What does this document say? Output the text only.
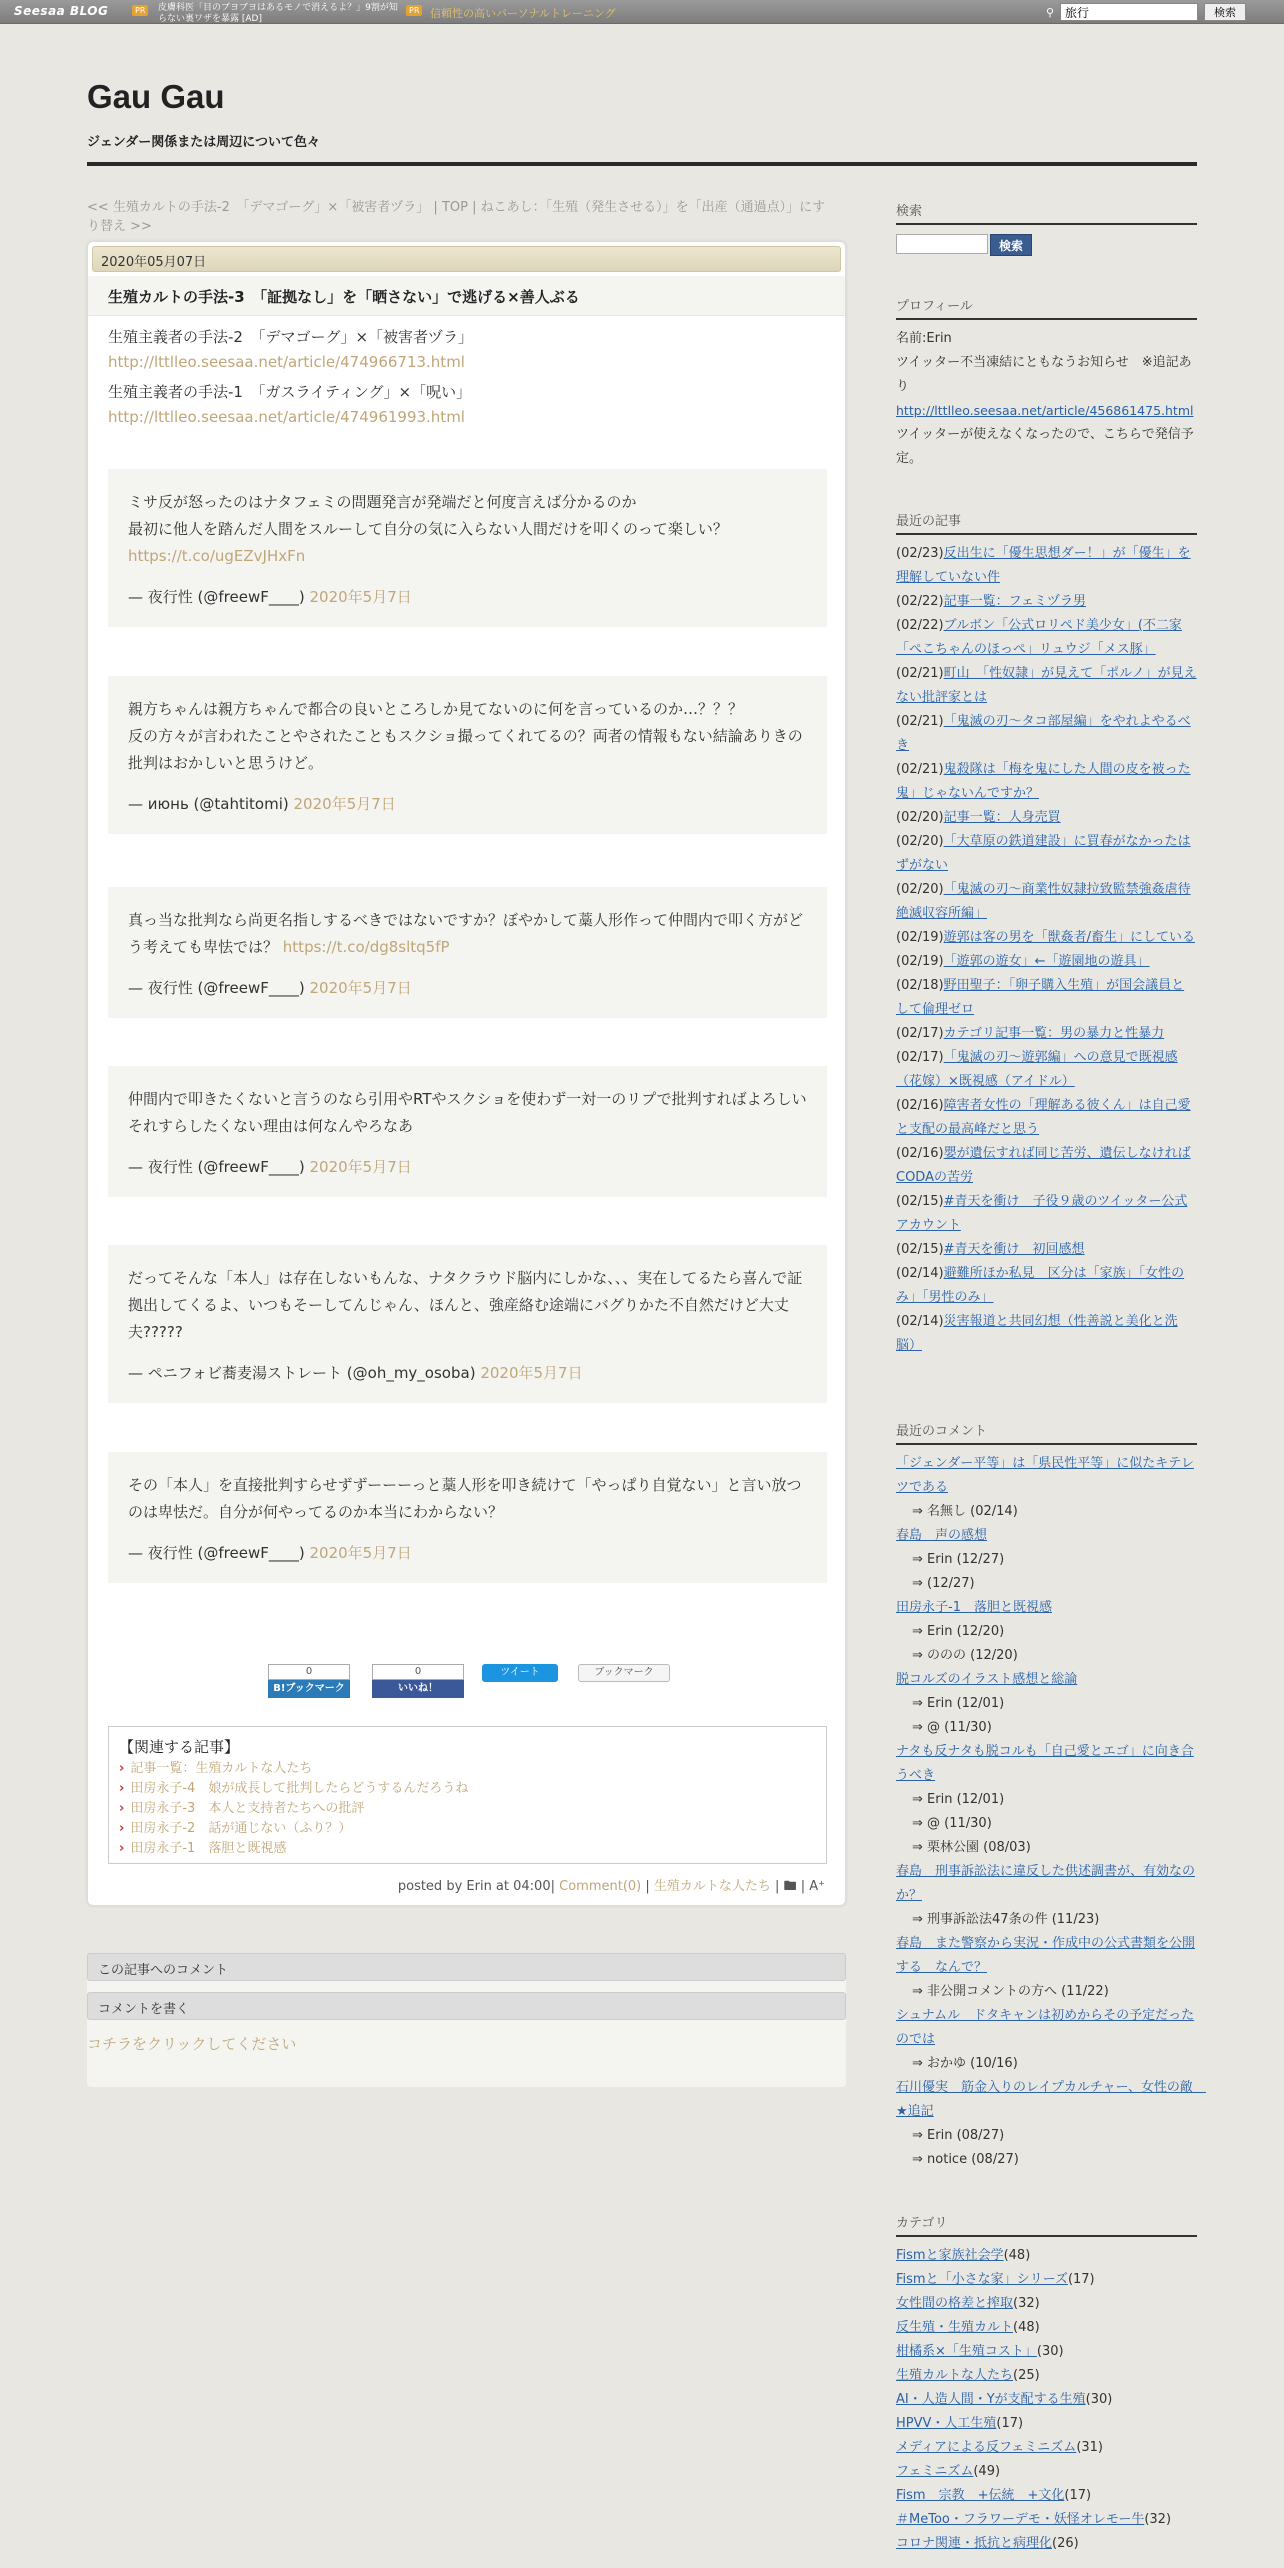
Seesaa BLOG	PR	皮膚科医「目のブヨブヨはあるモノで消えるよ？」9割が知らない裏ワザを暴露 [AD]
PR 信頼性の高いパーソナルトレーニング	⚲
旅行	検索
Gau Gau
ジェンダー関係または周辺について色々
<< 生殖カルトの手法-2　「デマゴーグ」×「被害者ヅラ」 | TOP | ねこあし：「生殖（発生させる）」を「出産（通過点）」にすり替え >>
2020年05月07日
生殖カルトの手法-3　「証拠なし」を「晒さない」で逃げる×善人ぶる
生殖主義者の手法-2　「デマゴーグ」×「被害者ヅラ」
http://lttlleo.seesaa.net/article/474966713.html
生殖主義者の手法-1　「ガスライティング」×「呪い」
http://lttlleo.seesaa.net/article/474961993.html
ミサ反が怒ったのはナタフェミの問題発言が発端だと何度言えば分かるのか
最初に他人を踏んだ人間をスルーして自分の気に入らない人間だけを叩くのって楽しい？
https://t.co/ugEZvJHxFn
— 夜行性 (@freewF____) 2020年5月7日
親方ちゃんは親方ちゃんで都合の良いところしか見てないのに何を言っているのか…？？？
反の方々が言われたことやされたこともスクショ撮ってくれてるの？両者の情報もない結論ありきの批判はおかしいと思うけど。
— июнь (@tahtitomi) 2020年5月7日
真っ当な批判なら尚更名指しするべきではないですか？ぼやかして藁人形作って仲間内で叩く方がどう考えても卑怯では？ https://t.co/dg8sltq5fP
— 夜行性 (@freewF____) 2020年5月7日
仲間内で叩きたくないと言うのなら引用やRTやスクショを使わず一対一のリプで批判すればよろしい　それすらしたくない理由は何なんやろなあ
— 夜行性 (@freewF____) 2020年5月7日
だってそんな「本人」は存在しないもんな、ナタクラウド脳内にしかな、、、実在してるたら喜んで証拠出してくるよ、いつもそーしてんじゃん、ほんと、強産絡む途端にバグりかた不自然だけど大丈夫?????
— ペニフォビ蕎麦湯ストレート (@oh_my_osoba) 2020年5月7日
その「本人」を直接批判すらせずずーーーっと藁人形を叩き続けて「やっぱり自覚ない」と言い放つのは卑怯だ。自分が何やってるのか本当にわからない？
— 夜行性 (@freewF____) 2020年5月7日
0
B!ブックマーク
0
いいね！
ツイート	ブックマーク
【関連する記事】
› 記事一覧：生殖カルトな人たち
› 田房永子-4　娘が成長して批判したらどうするんだろうね
› 田房永子-3　本人と支持者たちへの批評
› 田房永子-2　話が通じない（ふり？）
› 田房永子-1　落胆と既視感
posted by Erin at 04:00| Comment(0) | 生殖カルトな人たち | 🖿 | A⁺
この記事へのコメント
コメントを書く
コチラをクリックしてください
検索
検索
プロフィール
名前:Erin
ツイッター不当凍結にともなうお知らせ　※追記あり
http://lttlleo.seesaa.net/article/456861475.html
ツイッターが使えなくなったので、こちらで発信予定。
最近の記事
(02/23)反出生に「優生思想ダー！」が「優生」を理解していない件
(02/22)記事一覧：フェミヅラ男
(02/22)ブルボン「公式ロリペド美少女」(不二家「ぺこちゃんのほっぺ」リュウジ「メス豚」
(02/21)町山　「性奴隷」が見えて「ポルノ」が見えない批評家とは
(02/21)「鬼滅の刃～タコ部屋編」をやれよやるべき
(02/21)鬼殺隊は「梅を鬼にした人間の皮を被った鬼」じゃないんですか？
(02/20)記事一覧：人身売買
(02/20)「大草原の鉄道建設」に買春がなかったはずがない
(02/20)「鬼滅の刃～商業性奴隷拉致監禁強姦虐待絶滅収容所編」
(02/19)遊郭は客の男を「獣姦者/畜生」にしている
(02/19)「遊郭の遊女」←「遊園地の遊具」
(02/18)野田聖子：「卵子購入生殖」が国会議員として倫理ゼロ
(02/17)カテゴリ記事一覧：男の暴力と性暴力
(02/17)「鬼滅の刃～遊郭編」への意見で既視感（花嫁）×既視感（アイドル）
(02/16)障害者女性の「理解ある彼くん」は自己愛と支配の最高峰だと思う
(02/16)嬰が遺伝すれば同じ苦労、遺伝しなければCODAの苦労
(02/15)#青天を衝け　子役９歳のツイッター公式アカウント
(02/15)#青天を衝け　初回感想
(02/14)避難所ほか私見　区分は「家族」「女性のみ」「男性のみ」
(02/14)災害報道と共同幻想（性善説と美化と洗脳）
最近のコメント
「ジェンダー平等」は「県民性平等」に似たキテレツである
⇒ 名無し (02/14)
春島　声の感想
⇒ Erin (12/27)
⇒ (12/27)
田房永子-1　落胆と既視感
⇒ Erin (12/20)
⇒ ののの (12/20)
脱コルズのイラスト感想と総論
⇒ Erin (12/01)
⇒ @ (11/30)
ナタも反ナタも脱コルも「自己愛とエゴ」に向き合うべき
⇒ Erin (12/01)
⇒ @ (11/30)
⇒ 栗林公園 (08/03)
春島　刑事訴訟法に違反した供述調書が、有効なのか？
⇒ 刑事訴訟法47条の件 (11/23)
春島　また警察から実況・作成中の公式書類を公開する　なんで？
⇒ 非公開コメントの方へ (11/22)
シュナムル　ドタキャンは初めからその予定だったのでは
⇒ おかゆ (10/16)
石川優実　筋金入りのレイプカルチャー、女性の敵　★追記
⇒ Erin (08/27)
⇒ notice (08/27)
カテゴリ
Fismと家族社会学(48)
Fismと「小さな家」シリーズ(17)
女性間の格差と搾取(32)
反生殖・生殖カルト(48)
柑橘系×「生殖コスト」(30)
生殖カルトな人たち(25)
AI・人造人間・Yが支配する生殖(30)
HPVV・人工生殖(17)
メディアによる反フェミニズム(31)
フェミニズム(49)
Fism　宗教　+伝統　+文化(17)
＃MeToo・フラワーデモ・妖怪オレモー牛(32)
コロナ関連・抵抗と病理化(26)
